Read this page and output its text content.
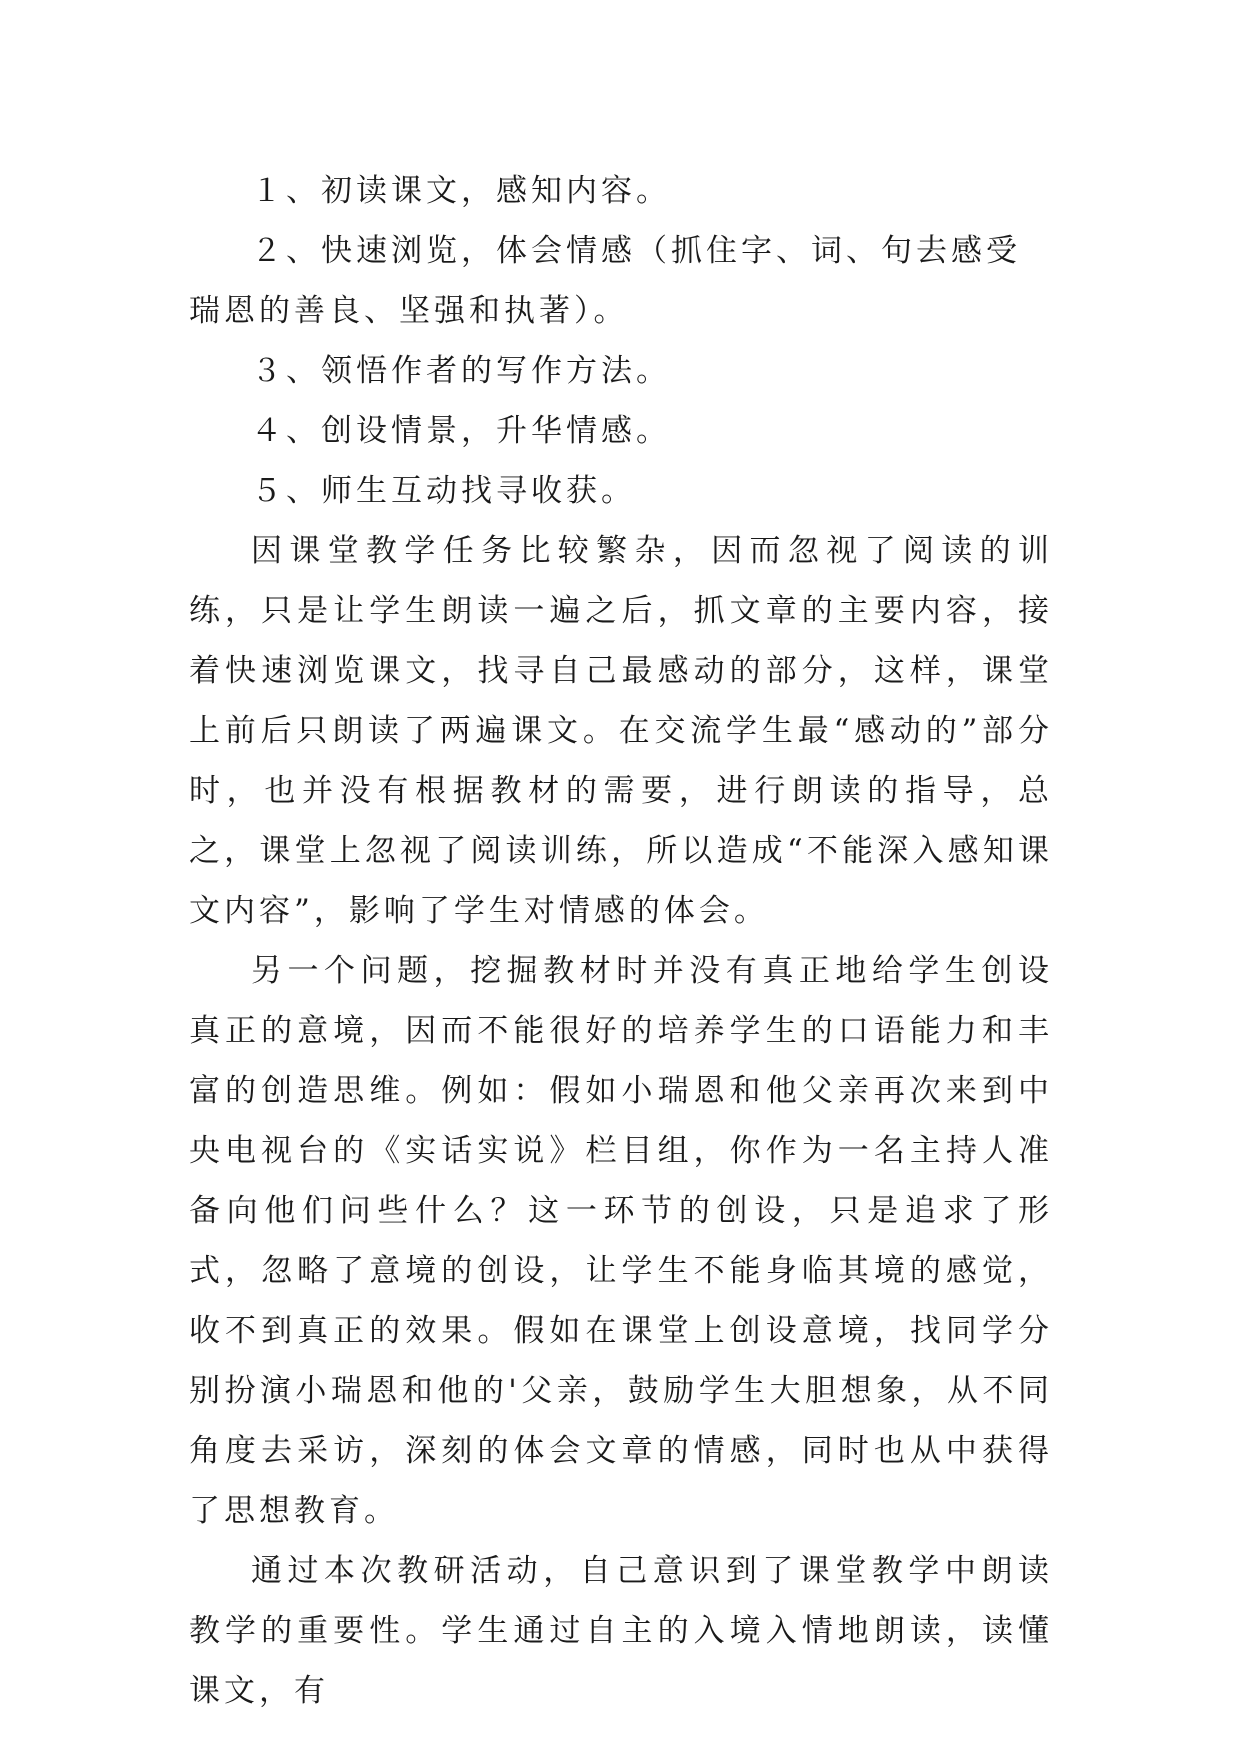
１、初读课文，感知内容。

２、快速浏览，体会情感（抓住字、词、句去感受瑞恩的善良、坚强和执著）。

３、领悟作者的写作方法。

４、创设情景，升华情感。

５、师生互动找寻收获。

因课堂教学任务比较繁杂，因而忽视了阅读的训练，只是让学生朗读一遍之后，抓文章的主要内容，接着快速浏览课文，找寻自己最感动的部分，这样，课堂上前后只朗读了两遍课文。在交流学生最“感动的”部分时，也并没有根据教材的需要，进行朗读的指导，总之，课堂上忽视了阅读训练，所以造成“不能深入感知课文内容”，影响了学生对情感的体会。

另一个问题，挖掘教材时并没有真正地给学生创设真正的意境，因而不能很好的培养学生的口语能力和丰富的创造思维。例如：假如小瑞恩和他父亲再次来到中央电视台的《实话实说》栏目组，你作为一名主持人准备向他们问些什么？这一环节的创设，只是追求了形式，忽略了意境的创设，让学生不能身临其境的感觉，收不到真正的效果。假如在课堂上创设意境，找同学分别扮演小瑞恩和他的'父亲，鼓励学生大胆想象，从不同角度去采访，深刻的体会文章的情感，同时也从中获得了思想教育。

通过本次教研活动，自己意识到了课堂教学中朗读教学的重要性。学生通过自主的入境入情地朗读，读懂课文，有
